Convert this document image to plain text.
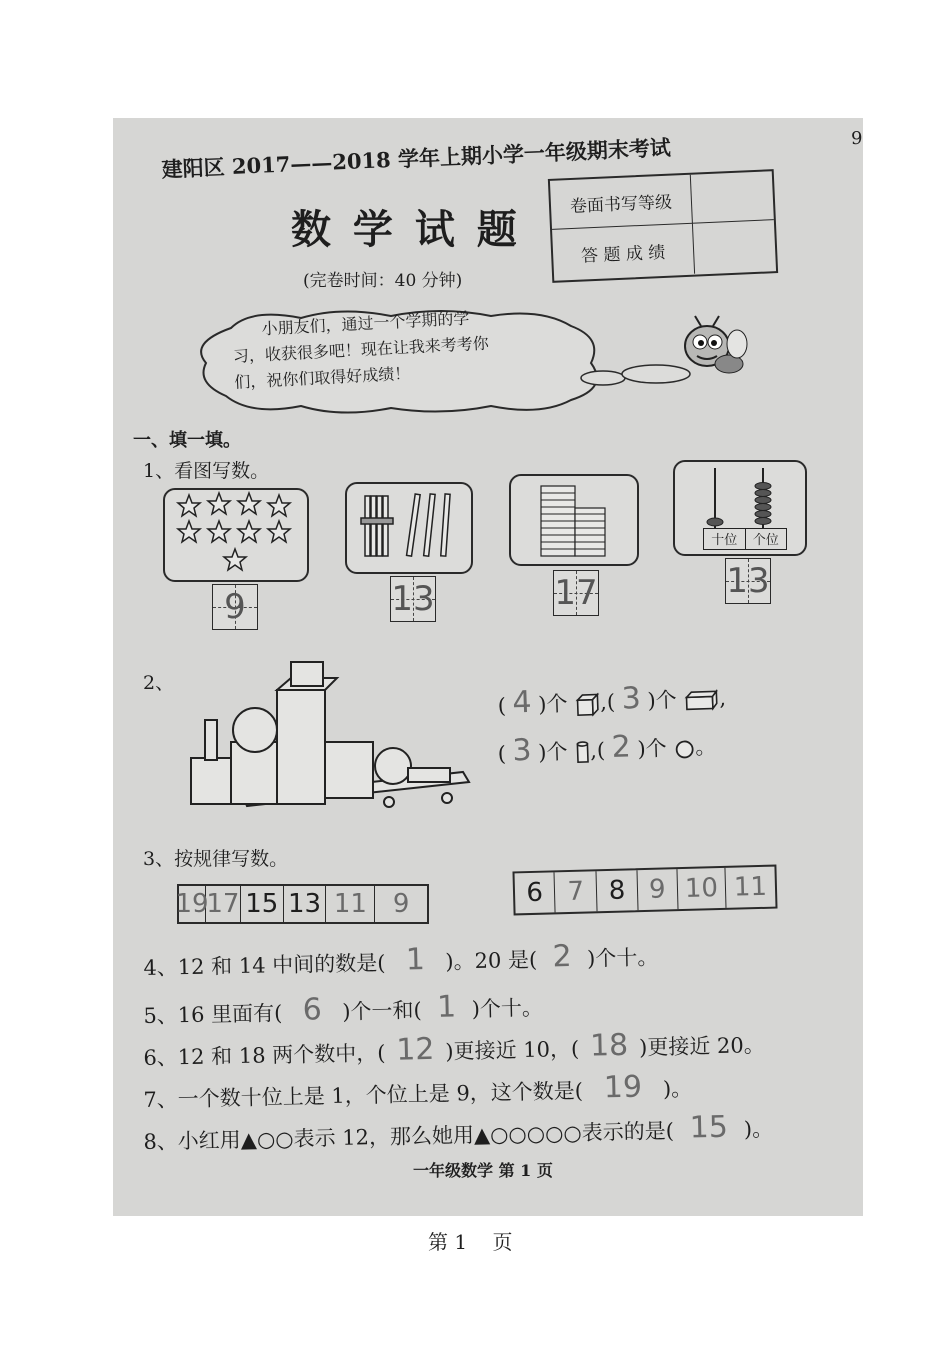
9
建阳区 2017——2018 学年上期小学一年级期末考试
数 学 试 题
(完卷时间：40 分钟)
卷面书写等级
答 题 成 绩
小朋友们，通过一个学期的学
习，收获很多吧！现在让我来考考你
们，祝你们取得好成绩！
一、填一填。
1、看图写数。
十位	个位
9	13	17	13
2、
( 4 )个 ,( 3 )个 ,
( 3 )个 ,( 2 )个 。
3、按规律写数。
19
17 15 13 11 9	6 7 8 9 10 11
4、12 和 14 中间的数是( 1 )。20 是( 2 )个十。
5、16 里面有( 6 )个一和( 1 )个十。
6、12 和 18 两个数中，( 12 )更接近 10，( 18 )更接近 20。
7、一个数十位上是 1，个位上是 9，这个数是( 19 )。
8、小红用▲○○表示 12，那么她用▲○○○○○表示的是( 15 )。
一年级数学 第 1 页
第 1    页
